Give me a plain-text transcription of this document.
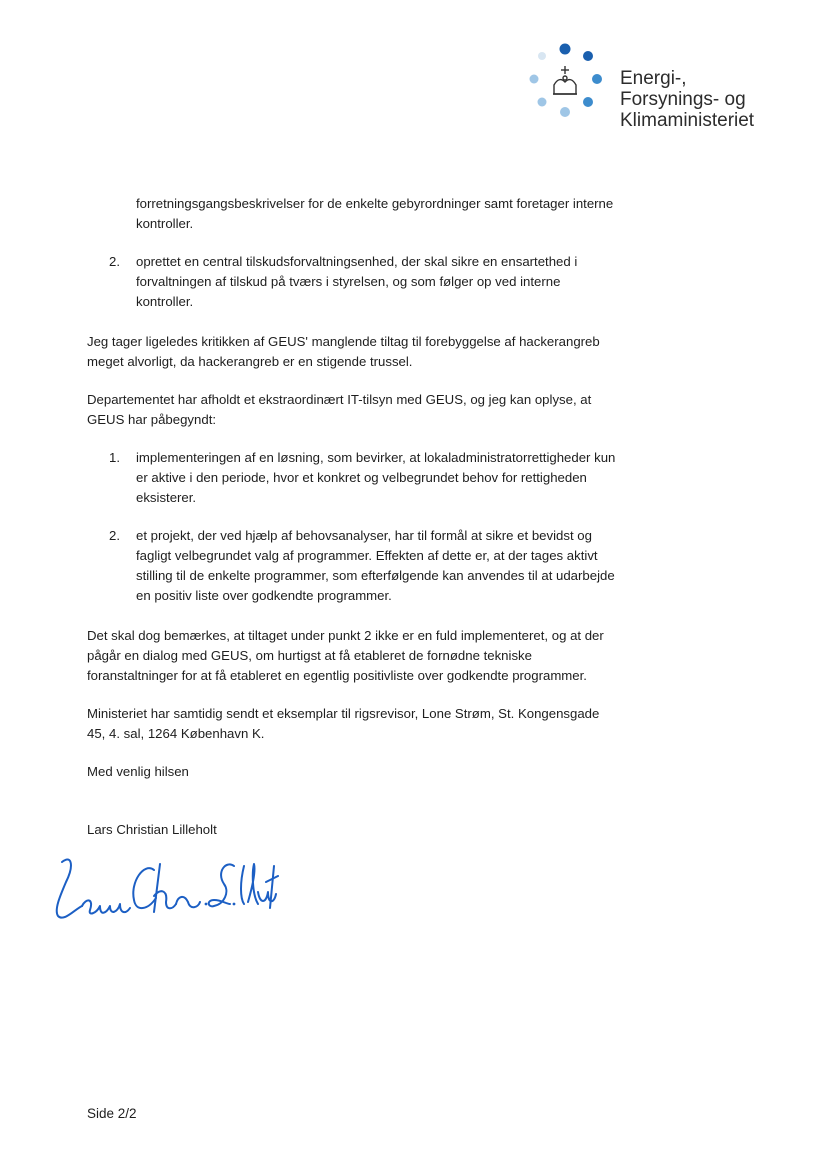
Energi-,
Forsynings- og
Klimaministeriet

forretningsgangsbeskrivelser for de enkelte gebyrordninger samt foretager interne kontroller.

2.	oprettet en central tilskudsforvaltningsenhed, der skal sikre en ensartethed i forvaltningen af tilskud på tværs i styrelsen, og som følger op ved interne kontroller.

Jeg tager ligeledes kritikken af GEUS' manglende tiltag til forebyggelse af hackerangreb meget alvorligt, da hackerangreb er en stigende trussel.

Departementet har afholdt et ekstraordinært IT-tilsyn med GEUS, og jeg kan oplyse, at GEUS har påbegyndt:

1.	implementeringen af en løsning, som bevirker, at lokaladministratorrettigheder kun er aktive i den periode, hvor et konkret og velbegrundet behov for rettigheden eksisterer.
2.	et projekt, der ved hjælp af behovsanalyser, har til formål at sikre et bevidst og fagligt velbegrundet valg af programmer. Effekten af dette er, at der tages aktivt stilling til de enkelte programmer, som efterfølgende kan anvendes til at udarbejde en positiv liste over godkendte programmer.

Det skal dog bemærkes, at tiltaget under punkt 2 ikke er en fuld implementeret, og at der pågår en dialog med GEUS, om hurtigst at få etableret de fornødne tekniske foranstaltninger for at få etableret en egentlig positivliste over godkendte programmer.

Ministeriet har samtidig sendt et eksemplar til rigsrevisor, Lone Strøm, St. Kongensgade 45, 4. sal, 1264 København K.

Med venlig hilsen

Lars Christian Lilleholt

Side 2/2
